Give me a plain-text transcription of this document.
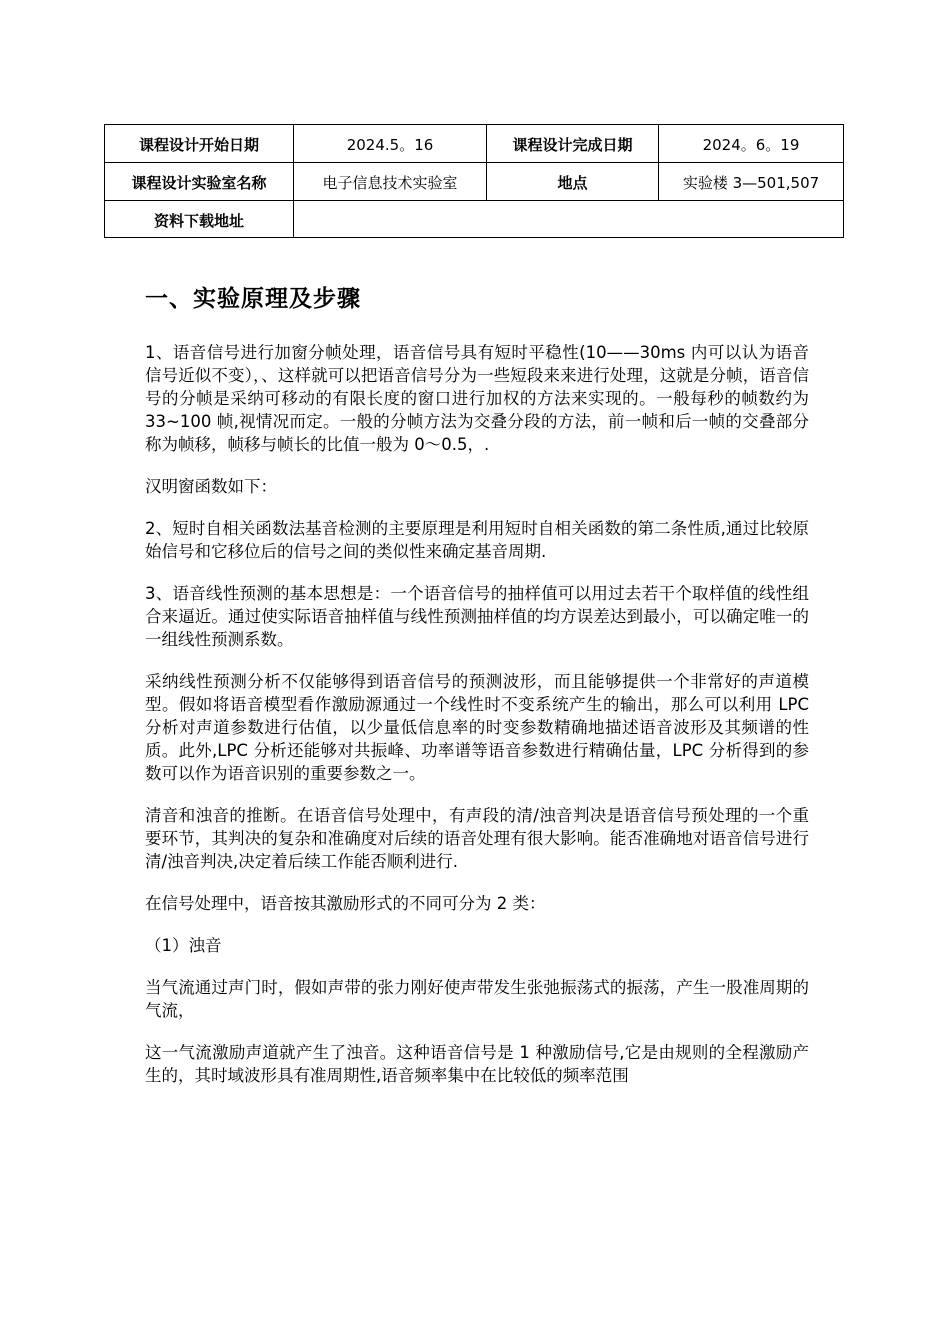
课程设计开始日期	2024.5。16	课程设计完成日期	2024。6。19
课程设计实验室名称	电子信息技术实验室	地点	实验楼 3—501,507
资料下载地址			
一、实验原理及步骤

1、语音信号进行加窗分帧处理，语音信号具有短时平稳性(10——30ms 内可以认为语音信号近似不变），、这样就可以把语音信号分为一些短段来来进行处理，这就是分帧，语音信号的分帧是采纳可移动的有限长度的窗口进行加权的方法来实现的。一般每秒的帧数约为 33~100 帧,视情况而定。一般的分帧方法为交叠分段的方法，前一帧和后一帧的交叠部分称为帧移，帧移与帧长的比值一般为 0～0.5，.

汉明窗函数如下：

2、短时自相关函数法基音检测的主要原理是利用短时自相关函数的第二条性质,通过比较原始信号和它移位后的信号之间的类似性来确定基音周期.

3、语音线性预测的基本思想是：一个语音信号的抽样值可以用过去若干个取样值的线性组合来逼近。通过使实际语音抽样值与线性预测抽样值的均方误差达到最小，可以确定唯一的一组线性预测系数。

采纳线性预测分析不仅能够得到语音信号的预测波形，而且能够提供一个非常好的声道模型。假如将语音模型看作激励源通过一个线性时不变系统产生的输出，那么可以利用 LPC 分析对声道参数进行估值，以少量低信息率的时变参数精确地描述语音波形及其频谱的性质。此外,LPC 分析还能够对共振峰、功率谱等语音参数进行精确估量，LPC 分析得到的参数可以作为语音识别的重要参数之一。

清音和浊音的推断。在语音信号处理中，有声段的清/浊音判决是语音信号预处理的一个重要环节，其判决的复杂和准确度对后续的语音处理有很大影响。能否准确地对语音信号进行清/浊音判决,决定着后续工作能否顺利进行.

在信号处理中，语音按其激励形式的不同可分为 2 类：

（1）浊音

当气流通过声门时，假如声带的张力刚好使声带发生张弛振荡式的振荡，产生一股准周期的气流，

这一气流激励声道就产生了浊音。这种语音信号是 1 种激励信号,它是由规则的全程激励产生的，其时域波形具有准周期性,语音频率集中在比较低的频率范围
